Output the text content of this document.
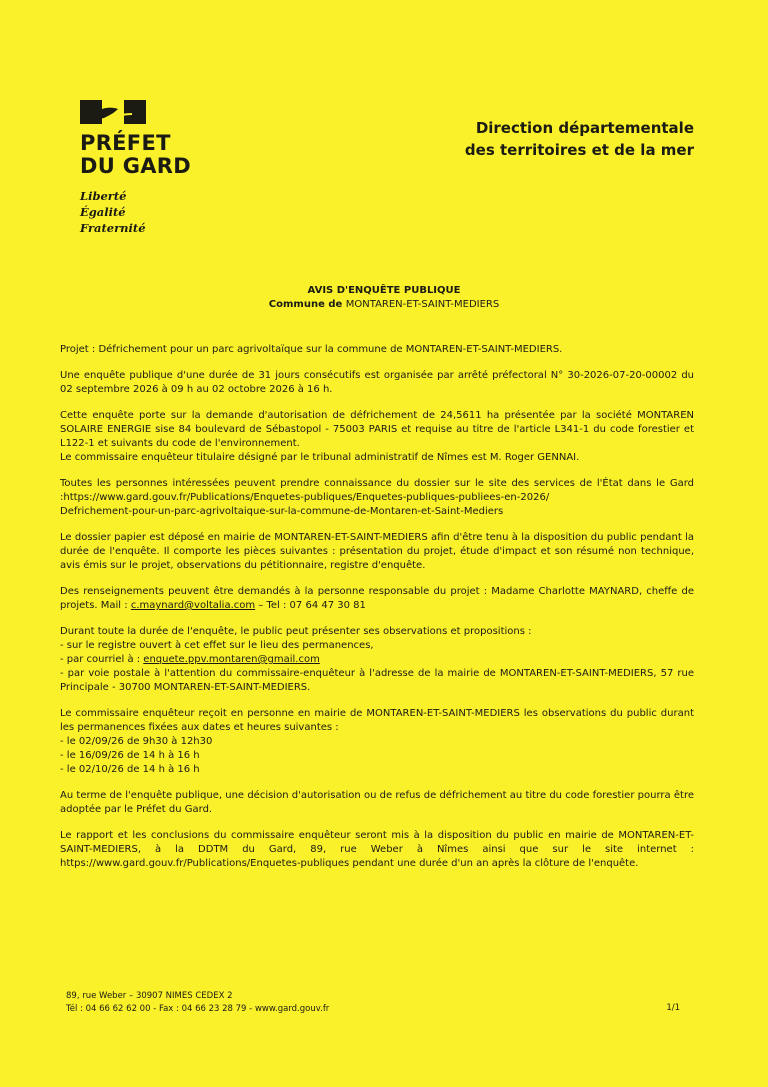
PRÉFET
DU GARD
Liberté
Égalité
Fraternité
Direction départementale
des territoires et de la mer
AVIS D'ENQUÊTE PUBLIQUE
Commune de MONTAREN-ET-SAINT-MEDIERS

Projet : Défrichement pour un parc agrivoltaïque sur la commune de MONTAREN-ET-SAINT-MEDIERS.

Une enquête publique d'une durée de 31 jours consécutifs est organisée par arrêté préfectoral N° 30-2026-07-20-00002 du 02 septembre 2026 à 09 h au 02 octobre 2026 à 16 h.

Cette enquête porte sur la demande d'autorisation de défrichement de 24,5611 ha présentée par la société MONTAREN SOLAIRE ENERGIE sise 84 boulevard de Sébastopol - 75003 PARIS et requise au titre de l'article L341-1 du code forestier et L122-1 et suivants du code de l'environnement.
Le commissaire enquêteur titulaire désigné par le tribunal administratif de Nîmes est M. Roger GENNAI.

Toutes les personnes intéressées peuvent prendre connaissance du dossier sur le site des services de l'État dans le Gard :https://www.gard.gouv.fr/Publications/Enquetes-publiques/Enquetes-publiques-publiees-en-2026/
Defrichement-pour-un-parc-agrivoltaique-sur-la-commune-de-Montaren-et-Saint-Mediers

Le dossier papier est déposé en mairie de MONTAREN-ET-SAINT-MEDIERS afin d'être tenu à la disposition du public pendant la durée de l'enquête. Il comporte les pièces suivantes : présentation du projet, étude d'impact et son résumé non technique, avis émis sur le projet, observations du pétitionnaire, registre d'enquête.

Des renseignements peuvent être demandés à la personne responsable du projet : Madame Charlotte MAYNARD, cheffe de projets. Mail : c.maynard@voltalia.com – Tel : 07 64 47 30 81

Durant toute la durée de l'enquête, le public peut présenter ses observations et propositions :
- sur le registre ouvert à cet effet sur le lieu des permanences,
- par courriel à : enquete.ppv.montaren@gmail.com
- par voie postale à l'attention du commissaire-enquêteur à l'adresse de la mairie de MONTAREN-ET-SAINT-MEDIERS, 57 rue Principale - 30700 MONTAREN-ET-SAINT-MEDIERS.

Le commissaire enquêteur reçoit en personne en mairie de MONTAREN-ET-SAINT-MEDIERS les observations du public durant les permanences fixées aux dates et heures suivantes :
- le 02/09/26 de 9h30 à 12h30
- le 16/09/26 de 14 h à 16 h
- le 02/10/26 de 14 h à 16 h

Au terme de l'enquête publique, une décision d'autorisation ou de refus de défrichement au titre du code forestier pourra être adoptée par le Préfet du Gard.

Le rapport et les conclusions du commissaire enquêteur seront mis à la disposition du public en mairie de MONTAREN-ET-SAINT-MEDIERS, à la DDTM du Gard, 89, rue Weber à Nîmes ainsi que sur le site internet : https://www.gard.gouv.fr/Publications/Enquetes-publiques pendant une durée d'un an après la clôture de l'enquête.

89, rue Weber – 30907 NIMES CEDEX 2
Tél : 04 66 62 62 00 - Fax : 04 66 23 28 79 - www.gard.gouv.fr	1/1
